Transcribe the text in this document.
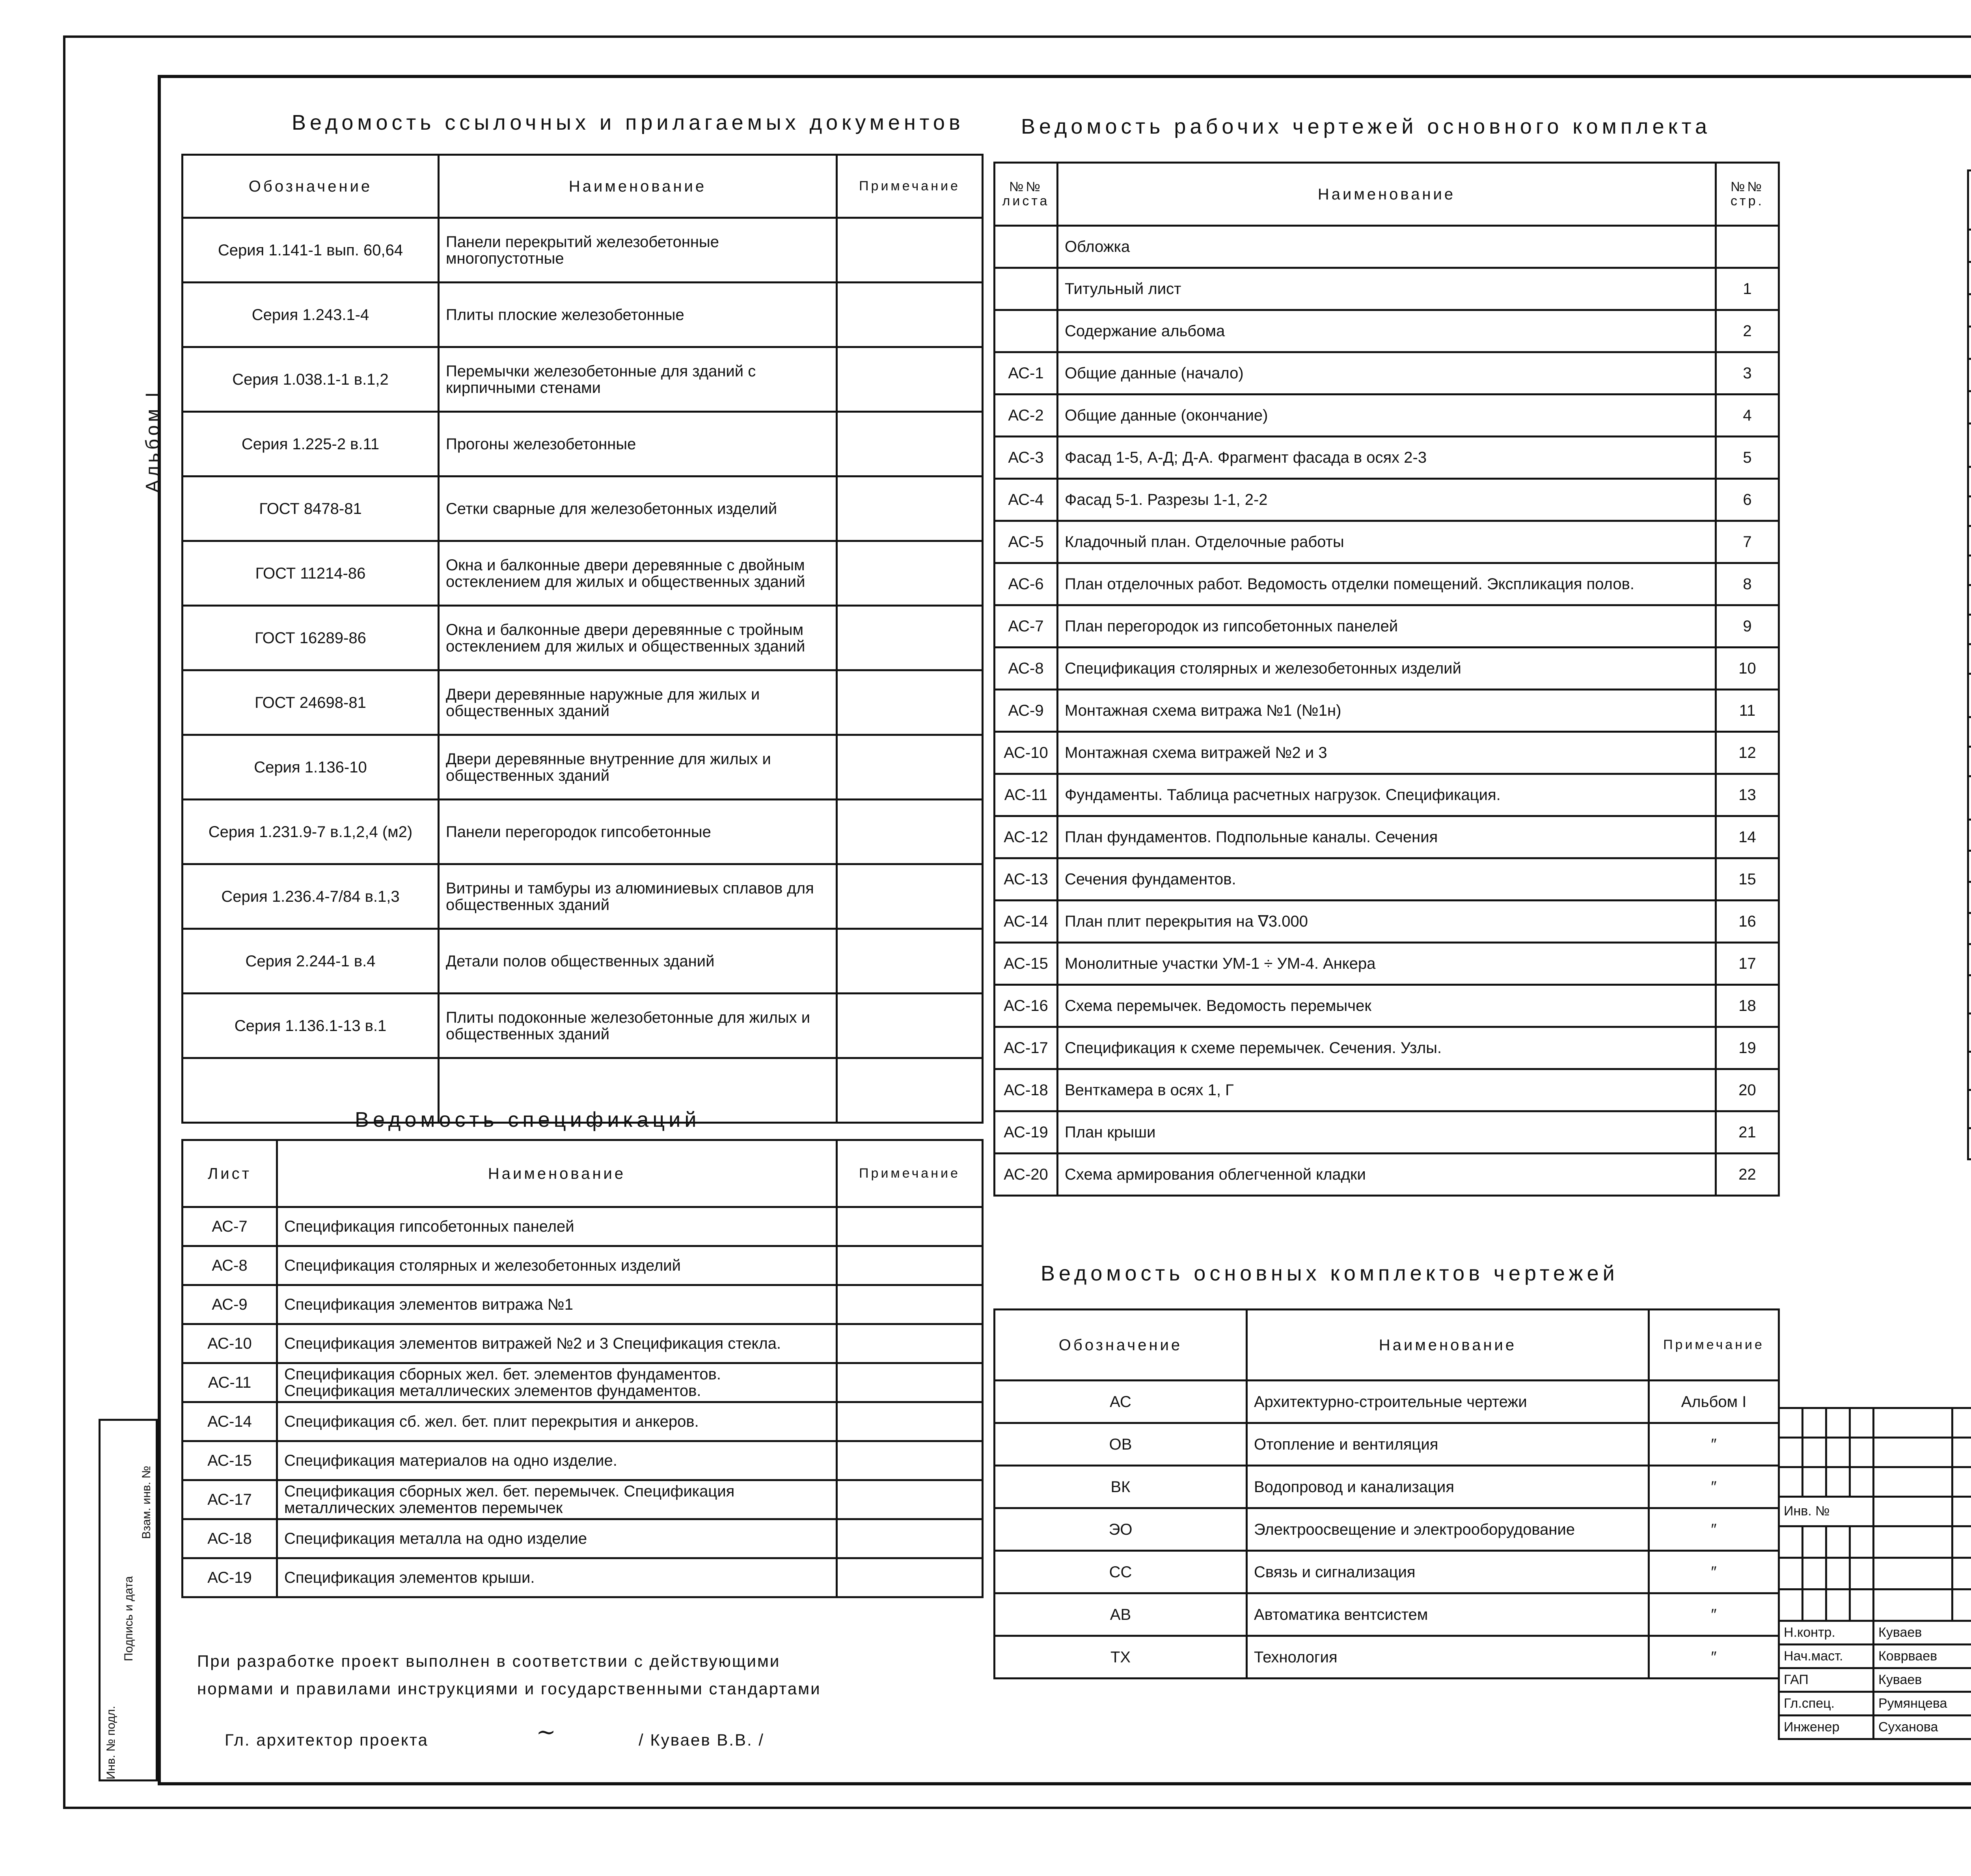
Альбом I
Инв. № подл.
Подпись и дата
Взам. инв. №
Ведомость ссылочных и прилагаемых документов
Обозначение	Наименование	Примечание
Серия 1.141-1 вып. 60,64	Панели перекрытий железобетонные многопустотные	
Серия 1.243.1-4	Плиты плоские железобетонные	
Серия 1.038.1-1 в.1,2	Перемычки железобетонные для зданий с кирпичными стенами	
Серия 1.225-2 в.11	Прогоны железобетонные	
ГОСТ 8478-81	Сетки сварные для железобетонных изделий	
ГОСТ 11214-86	Окна и балконные двери деревянные с двойным остеклением для жилых и общественных зданий	
ГОСТ 16289-86	Окна и балконные двери деревянные с тройным остеклением для жилых и общественных зданий	
ГОСТ 24698-81	Двери деревянные наружные для жилых и общественных зданий	
Серия 1.136-10	Двери деревянные внутренние для жилых и общественных зданий	
Серия 1.231.9-7 в.1,2,4 (м2)	Панели перегородок гипсобетонные	
Серия 1.236.4-7/84 в.1,3	Витрины и тамбуры из алюминиевых сплавов для общественных зданий	
Серия 2.244-1 в.4	Детали полов общественных зданий	
Серия 1.136.1-13 в.1	Плиты подоконные железобетонные для жилых и общественных зданий	

Ведомость спецификаций
Лист	Наименование	Примечание
АС-7	Спецификация гипсобетонных панелей	
АС-8	Спецификация столярных и железобетонных изделий	
АС-9	Спецификация элементов витража №1	
АС-10	Спецификация элементов витражей №2 и 3 Спецификация стекла.	
АС-11	Спецификация сборных жел. бет. элементов фундаментов. Спецификация металлических элементов фундаментов.	
АС-14	Спецификация сб. жел. бет. плит перекрытия и анкеров.	
АС-15	Спецификация материалов на одно изделие.	
АС-17	Спецификация сборных жел. бет. перемычек. Спецификация металлических элементов перемычек	
АС-18	Спецификация металла на одно изделие	
АС-19	Спецификация элементов крыши.	
Ведомость рабочих чертежей основного комплекта
№№ листа	Наименование	№№ стр.
	Обложка	
	Титульный лист	1
	Содержание альбома	2
АС-1	Общие данные (начало)	3
АС-2	Общие данные (окончание)	4
АС-3	Фасад 1-5, А-Д; Д-А. Фрагмент фасада в осях 2-3	5
АС-4	Фасад 5-1. Разрезы 1-1, 2-2	6
АС-5	Кладочный план. Отделочные работы	7
АС-6	План отделочных работ. Ведомость отделки помещений. Экспликация полов.	8
АС-7	План перегородок из гипсобетонных панелей	9
АС-8	Спецификация столярных и железобетонных изделий	10
АС-9	Монтажная схема витража №1 (№1н)	11
АС-10	Монтажная схема витражей №2 и 3	12
АС-11	Фундаменты. Таблица расчетных нагрузок. Спецификация.	13
АС-12	План фундаментов. Подпольные каналы. Сечения	14
АС-13	Сечения фундаментов.	15
АС-14	План плит перекрытия на ∇3.000	16
АС-15	Монолитные участки УМ-1 ÷ УМ-4. Анкера	17
АС-16	Схема перемычек. Ведомость перемычек	18
АС-17	Спецификация к схеме перемычек. Сечения. Узлы.	19
АС-18	Венткамера в осях 1, Г	20
АС-19	План крыши	21
АС-20	Схема армирования облегченной кладки	22
Ведомость основных комплектов чертежей
Обозначение	Наименование	Примечание
АС	Архитектурно-строительные чертежи	Альбом I
ОВ	Отопление и вентиляция	″
ВК	Водопровод и канализация	″
ЭО	Электроосвещение и электрооборудование	″
СС	Связь и сигнализация	″
АВ	Автоматика вентсистем	″
ТХ	Технология	″

При разработке проект выполнен в соответствии с действующими
нормами и правилами инструкциями и государственными стандартами
Гл. архитектор проекта	~	/ Куваев В.В. /

Инв. №												

Н.контр.				Куваев						
Нач.маст.				Коврваев					
ГАП				Куваев				
Гл.спец.				Румянцева		
Инженер				Суханова		
